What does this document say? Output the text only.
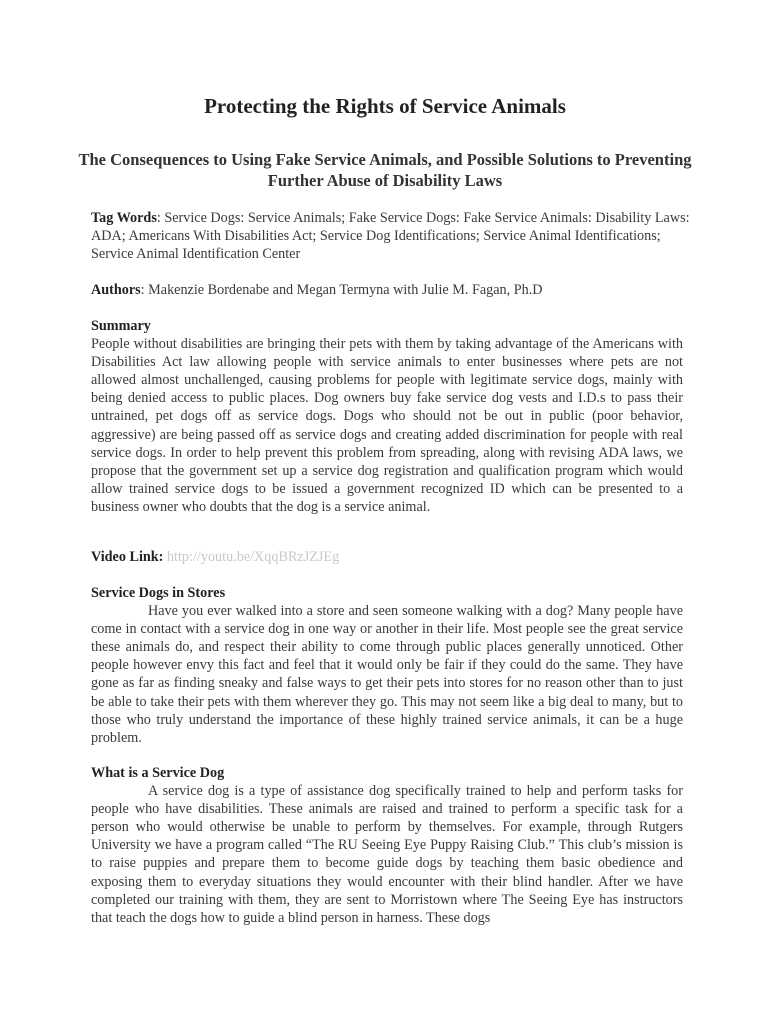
Protecting the Rights of Service Animals
The Consequences to Using Fake Service Animals, and Possible Solutions to Preventing Further Abuse of Disability Laws
Tag Words: Service Dogs: Service Animals; Fake Service Dogs: Fake Service Animals: Disability Laws: ADA; Americans With Disabilities Act; Service Dog Identifications; Service Animal Identifications; Service Animal Identification Center
Authors: Makenzie Bordenabe and Megan Termyna with Julie M. Fagan, Ph.D
Summary
People without disabilities are bringing their pets with them by taking advantage of the Americans with Disabilities Act law allowing people with service animals to enter businesses where pets are not allowed almost unchallenged, causing problems for people with legitimate service dogs, mainly with being denied access to public places. Dog owners buy fake service dog vests and I.D.s to pass their untrained, pet dogs off as service dogs. Dogs who should not be out in public (poor behavior, aggressive) are being passed off as service dogs and creating added discrimination for people with real service dogs. In order to help prevent this problem from spreading, along with revising ADA laws, we propose that the government set up a service dog registration and qualification program which would allow trained service dogs to be issued a government recognized ID which can be presented to a business owner who doubts that the dog is a service animal.
Video Link: http://youtu.be/XqqBRzJZJEg
Service Dogs in Stores
Have you ever walked into a store and seen someone walking with a dog? Many people have come in contact with a service dog in one way or another in their life. Most people see the great service these animals do, and respect their ability to come through public places generally unnoticed. Other people however envy this fact and feel that it would only be fair if they could do the same. They have gone as far as finding sneaky and false ways to get their pets into stores for no reason other than to just be able to take their pets with them wherever they go. This may not seem like a big deal to many, but to those who truly understand the importance of these highly trained service animals, it can be a huge problem.
What is a Service Dog
A service dog is a type of assistance dog specifically trained to help and perform tasks for people who have disabilities. These animals are raised and trained to perform a specific task for a person who would otherwise be unable to perform by themselves. For example, through Rutgers University we have a program called “The RU Seeing Eye Puppy Raising Club.” This club’s mission is to raise puppies and prepare them to become guide dogs by teaching them basic obedience and exposing them to everyday situations they would encounter with their blind handler. After we have completed our training with them, they are sent to Morristown where The Seeing Eye has instructors that teach the dogs how to guide a blind person in harness. These dogs
